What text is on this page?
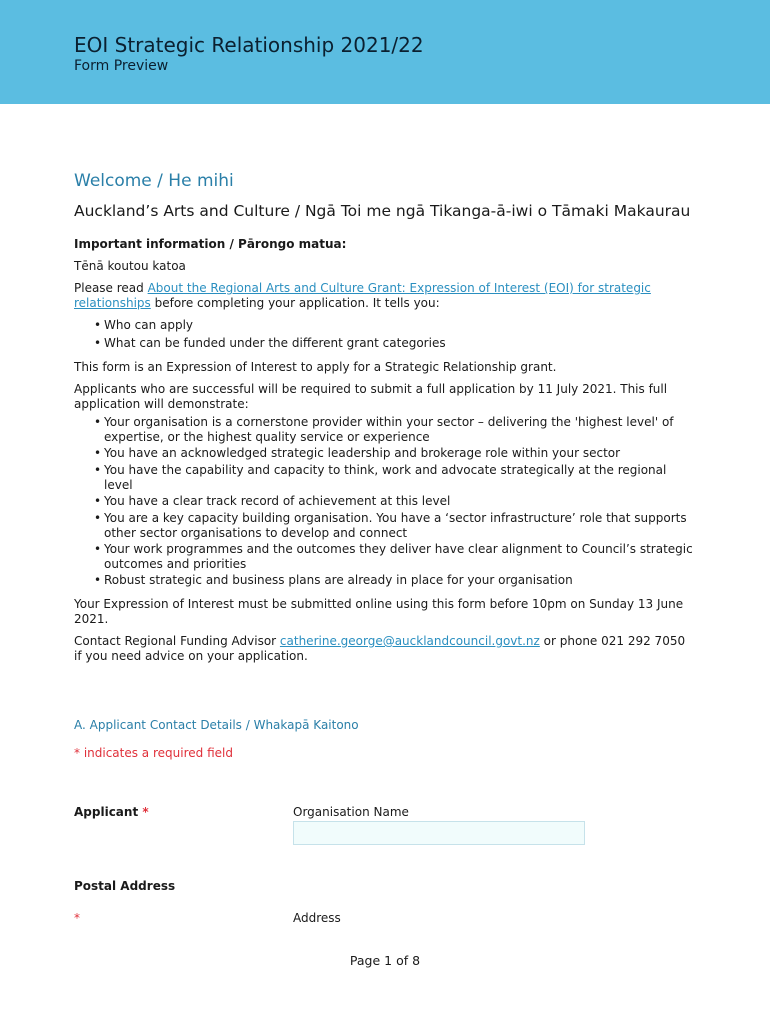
EOI Strategic Relationship 2021/22
Form Preview
Welcome / He mihi
Auckland’s Arts and Culture / Ngā Toi me ngā Tikanga-ā-iwi o Tāmaki Makaurau

Important information / Pārongo matua:

Tēnā koutou katoa

Please read About the Regional Arts and Culture Grant: Expression of Interest (EOI) for strategic relationships before completing your application. It tells you:

• Who can apply
• What can be funded under the different grant categories

This form is an Expression of Interest to apply for a Strategic Relationship grant.

Applicants who are successful will be required to submit a full application by 11 July 2021. This full application will demonstrate:

• Your organisation is a cornerstone provider within your sector – delivering the 'highest level' of expertise, or the highest quality service or experience
• You have an acknowledged strategic leadership and brokerage role within your sector
• You have the capability and capacity to think, work and advocate strategically at the regional level
• You have a clear track record of achievement at this level
• You are a key capacity building organisation. You have a ‘sector infrastructure’ role that supports other sector organisations to develop and connect
• Your work programmes and the outcomes they deliver have clear alignment to Council’s strategic outcomes and priorities
• Robust strategic and business plans are already in place for your organisation

Your Expression of Interest must be submitted online using this form before 10pm on Sunday 13 June 2021.

Contact Regional Funding Advisor catherine.george@aucklandcouncil.govt.nz or phone 021 292 7050 if you need advice on your application.

A. Applicant Contact Details / Whakapā Kaitono
* indicates a required field
Applicant *	Organisation Name
Postal Address
*	Address
Page 1 of 8
